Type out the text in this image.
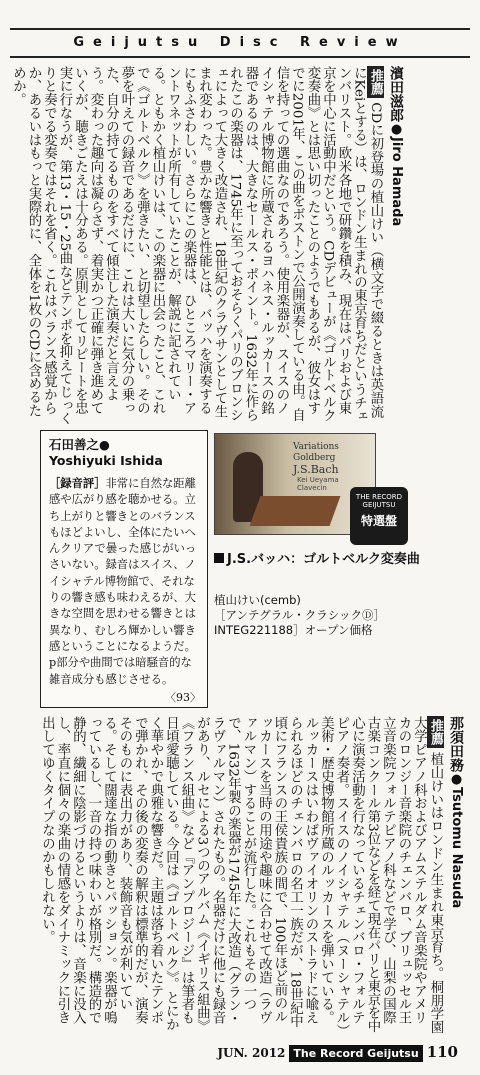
Geijutsu Disc Review
濱田滋郎●Jiro Hamada
推薦 CDに初登場の植山けい（横文字で綴るときは英語流にKeiとする）は、ロンドン生まれの東京育ちだというチェンバリスト。欧米各地で研鑽を積み、現在はパリおよび東京を中心に活動中だという。CDデビューが《ゴルトベルク変奏曲》とは思い切ったことのようでもあるが、彼女はすでに2001年、この曲をボストンで公開演奏している由。自信を持っての選曲なのであろう。使用楽器が、スイスのノイシャテル博物館に所蔵されるヨハネス・ルッカースの銘器であるのは、大きなセールス・ポイント。1632年に作られたこの楽器は、1745年に至っておそらくパリのブロンシェによって大きく改造され、18世紀のクラヴサンとして生まれ変わった。豊かな響きと性能とは、バッハを演奏するにもふさわしい。さらにこの楽器は、ひところマリー・アントワネットが所有していたことが、解説に記されている。ともかく植山けいは、この楽器に出会ったこと、これで《ゴルトベルク》を弾きたい、と切望したらしい。その夢を叶えての録音であるだけに、これは大いに気分の乗った、自分の持てるものをすべて傾注した演奏だと言えよう。変わった趣向は凝らさず、着実かつ正確に弾き進めていくが、聴きごたえは十分ある。原則としてリピートを忠実に行なうが、第13・15・25曲などテンポを抑えてじっくりと奏でる変奏ではそれを省く。これはバランス感覚からか、あるいはもっと実際的に、全体を1枚のCDに含めるためか。
石田善之●
Yoshiyuki Ishida
［録音評］非常に自然な距離感や広がり感を聴かせる。立ち上がりと響きとのバランスもほどよいし、全体にたいへんクリアで曇った感じがいっさいない。録音はスイス、ノイシャテル博物館で、それなりの響き感も味わえるが、大きな空間を思わせる響きとは異なり、むしろ輝かしい響き感ということになるようだ。p部分や曲間では暗騒音的な雑音成分も感じさせる。
〈93〉
Variations Goldberg
J.S.Bach
Kei Ueyama
Clavecin
THE RECORD GEIJUTSU
特選盤
J.S.バッハ：ゴルトベルク変奏曲
植山けい(cemb)
［アンテグラル・クラシックⒹ］
INTEG221188］オープン価格
那須田務●Tsutomu Nasuda
推薦 植山けいはロンドン生まれ東京育ち。桐朋学園大学ピアノ科およびアムステルダム音楽院やアメリカのロンジー音楽院のチェンバロ、ブリュッセル王立音楽院フォルテピアノ科などで学び、山梨の国際古楽コンクール第3位などを経て現在パリと東京を中心に演奏活動を行なっているチェンバロ・フォルテピアノ奏者。スイスのノイシャテル（ヌーシャテル）美術・歴史博物館所蔵のルッカースを弾いている。ルッカースはいわばヴァイオリンのストラドに喩えられるほどのチェンバロの名工一族だが、18世紀中頃にフランスの王侯貴族の間で、100年ほど前のルッカースを当時の用途や趣味に合わせて改造（ラヴァルマン）することが流行した。これもその一つで、1632年製の楽器が1745年に大改造（グラン・ラヴァルマン）されたもの。名器だけに他にも録音があり、ルセによる3つのアルバム《イギリス組曲》《フランス組曲》など『アンプロジージ』は筆者も日頃愛聴している。今回は《ゴルトベルク》。とにかく華やかで典雅な響きだ。主題は落ち着いたテンポで弾かれ、その後の変奏の解釈は標準的だが、演奏そのものに表出力があり、装飾音も気が利いている。そして闊達な指の動きとパッション。楽器が鳴っているし、一音の持つ味わいが格別だ。構造的で静的、繊細に陰影づけるというよりは、音楽に没入し、率直に個々の楽曲の情感をダイナミックに引き出してゆくタイプなのかもしれない。
JUN. 2012 The Record Geijutsu 110
